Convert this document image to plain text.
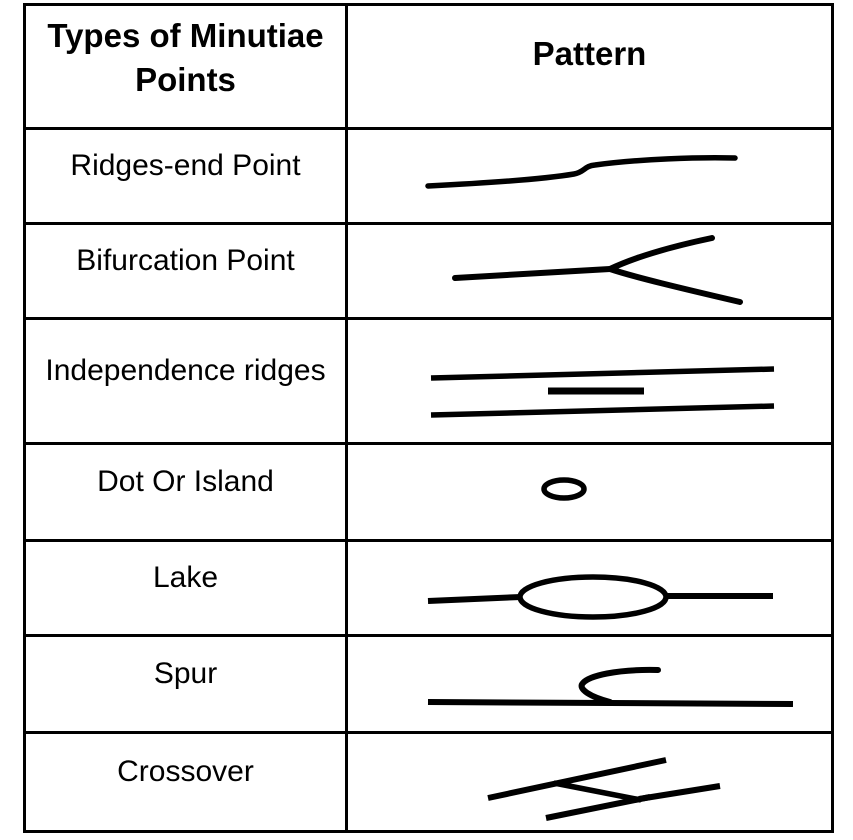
Types of Minutiae Points
Pattern
Ridges-end Point
Bifurcation Point
Independence ridges
Dot Or Island
Lake
Spur
Crossover
